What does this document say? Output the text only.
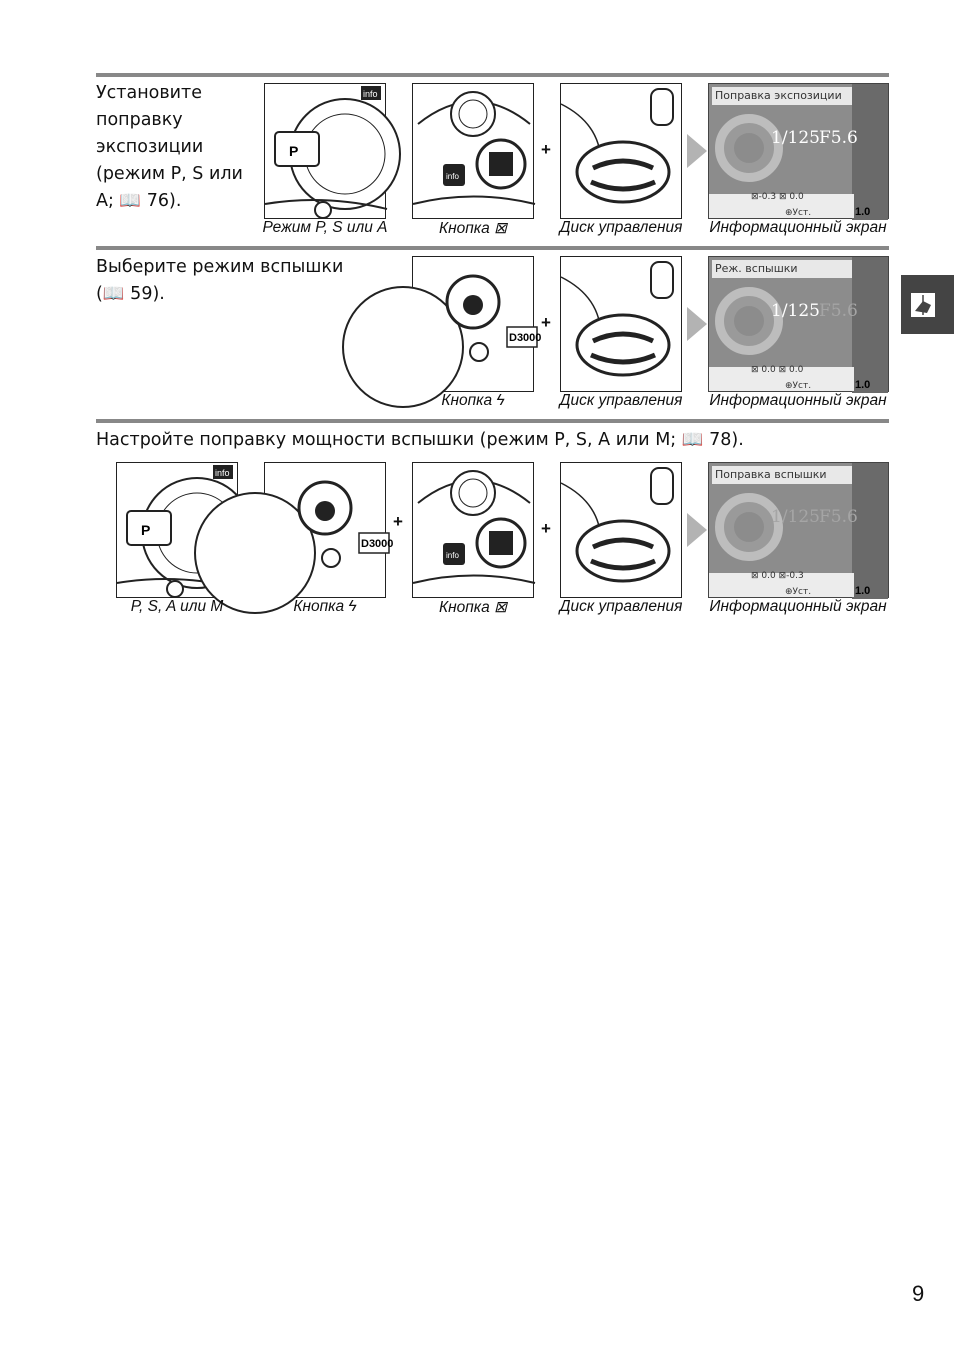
Установите
поправку
экспозиции
(режим P, S или
A; 📖 76).
P
info
info
+
Поправка экспозиции
1/125 F5.6
⊠-0.3 ⊠ 0.0
⊕Уст.	1.0
Режим P, S или A	Кнопка ⊠	Диск управления Информационный экран
Выберите режим вспышки
(📖 59).
D3000
+
Реж. вспышки
1/125 F5.6
⊠ 0.0 ⊠ 0.0
⊕Уст.	1.0
Кнопка ϟ	Диск управления Информационный экран
Настройте поправку мощности вспышки (режим P, S, A или M; 📖 78).
P
info
D3000
+
info
+
Поправка вспышки
1/125 F5.6
⊠ 0.0 ⊠-0.3
⊕Уст.	1.0
P, S, A или M	Кнопка ϟ	Кнопка ⊠	Диск управления Информационный экран
9
